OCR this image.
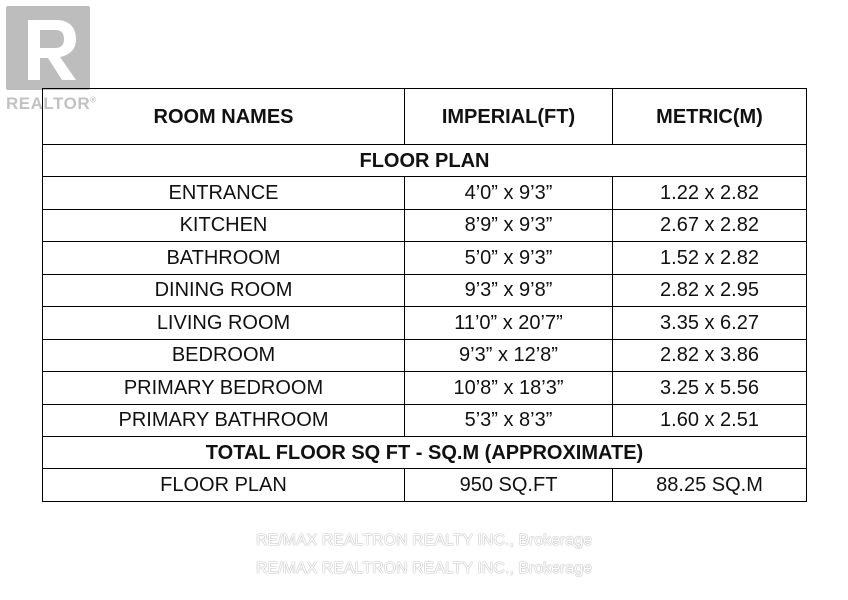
REALTOR®
ROOM NAMES	IMPERIAL(FT)	METRIC(M)
FLOOR PLAN		
ENTRANCE	4’0” x 9’3”	1.22 x 2.82
KITCHEN	8’9” x 9’3”	2.67 x 2.82
BATHROOM	5’0” x 9’3”	1.52 x 2.82
DINING ROOM	9’3” x 9’8”	2.82 x 2.95
LIVING ROOM	11’0” x 20’7”	3.35 x 6.27
BEDROOM	9’3” x 12’8”	2.82 x 3.86
PRIMARY BEDROOM	10’8” x 18’3”	3.25 x 5.56
PRIMARY BATHROOM	5’3” x 8’3”	1.60 x 2.51
TOTAL FLOOR SQ FT - SQ.M (APPROXIMATE)		
FLOOR PLAN	950 SQ.FT	88.25 SQ.M
RE/MAX REALTRON REALTY INC., Brokerage
RE/MAX REALTRON REALTY INC., Brokerage
